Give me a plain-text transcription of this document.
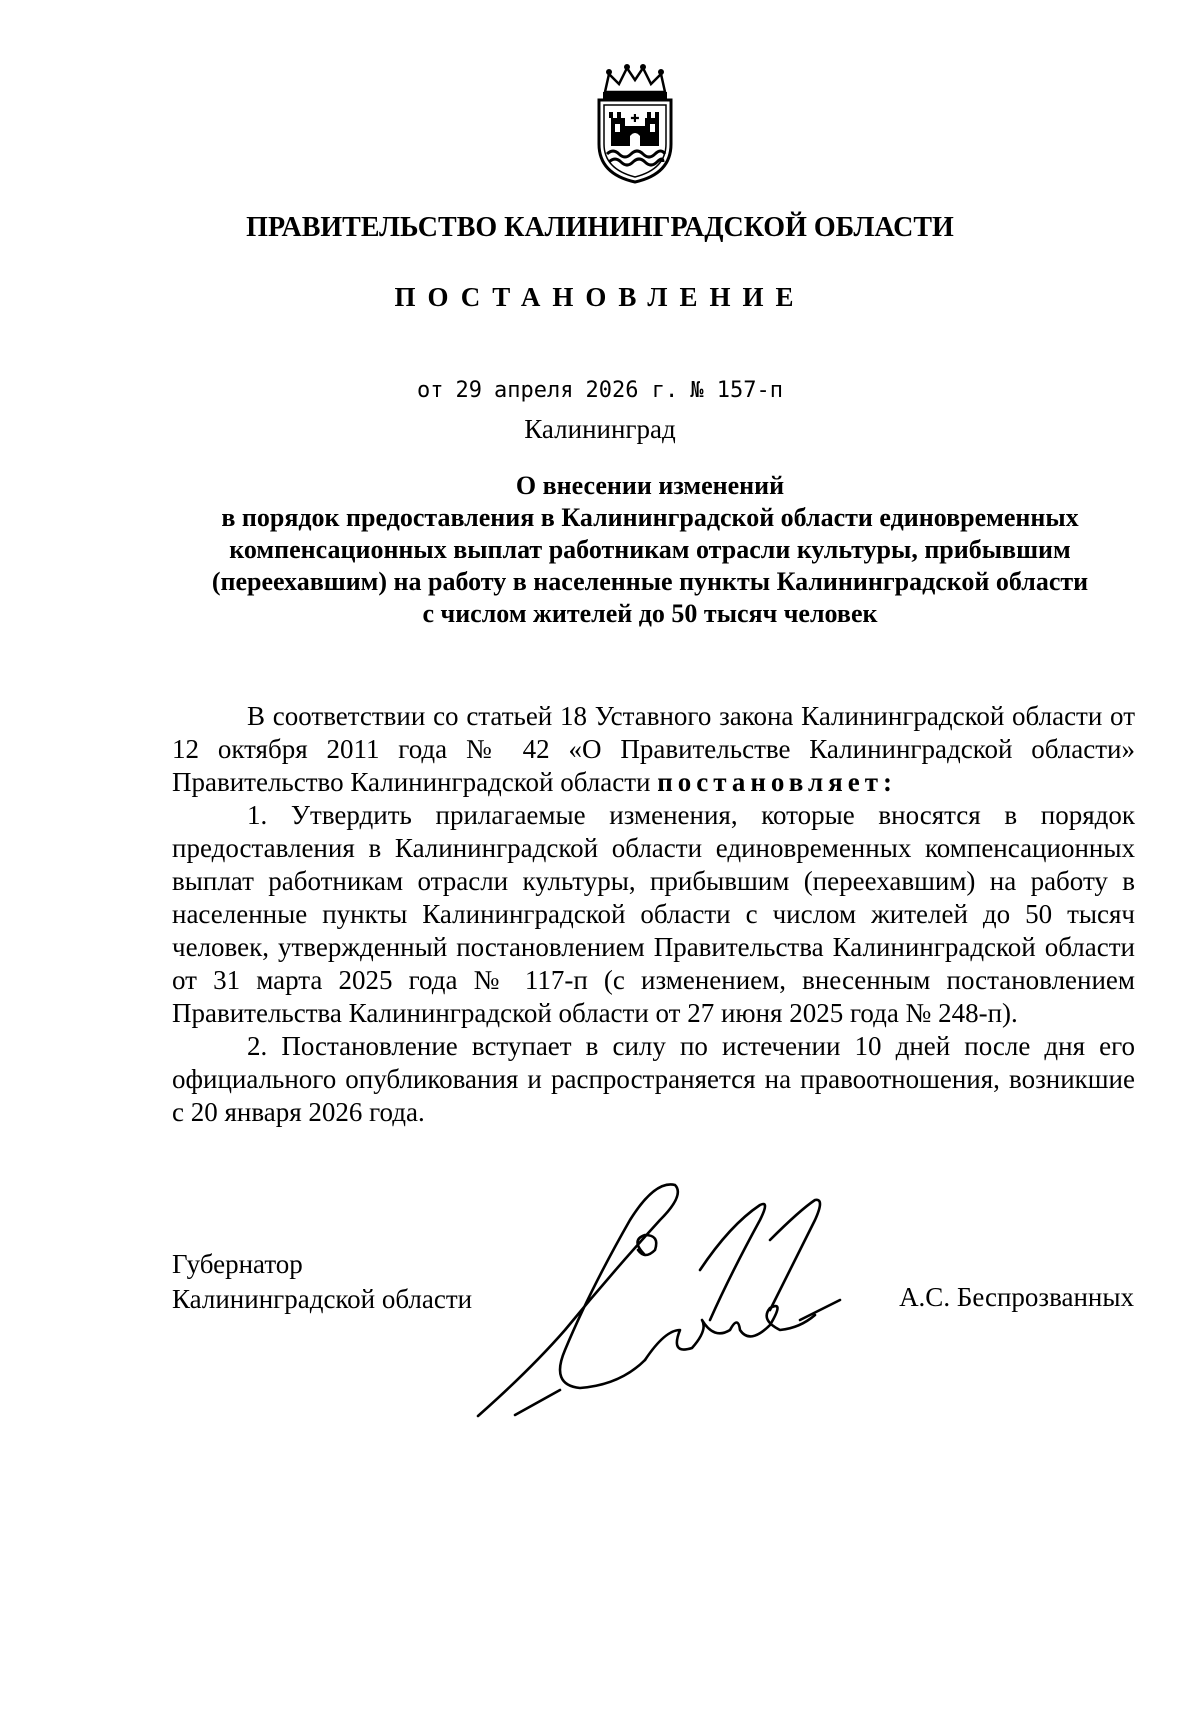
✚
ПРАВИТЕЛЬСТВО КАЛИНИНГРАДСКОЙ ОБЛАСТИ
ПОСТАНОВЛЕНИЕ
от 29 апреля 2026 г. № 157-п
Калининград
О внесении изменений
в порядок предоставления в Калининградской области единовременных
компенсационных выплат работникам отрасли культуры, прибывшим
(переехавшим) на работу в населенные пункты Калининградской области
с числом жителей до 50 тысяч человек

В соответствии со статьей 18 Уставного закона Калининградской области от 12 октября 2011 года № 42 «О Правительстве Калининградской области» Правительство Калининградской области постановляет:

1. Утвердить прилагаемые изменения, которые вносятся в порядок предоставления в Калининградской области единовременных компенсационных выплат работникам отрасли культуры, прибывшим (переехавшим) на работу в населенные пункты Калининградской области с числом жителей до 50 тысяч человек, утвержденный постановлением Правительства Калининградской области от 31 марта 2025 года № 117-п (с изменением, внесенным постановлением Правительства Калининградской области от 27 июня 2025 года № 248-п).

2. Постановление вступает в силу по истечении 10 дней после дня его официального опубликования и распространяется на правоотношения, возникшие с 20 января 2026 года.

Губернатор
Калининградской области	А.С. Беспрозванных
